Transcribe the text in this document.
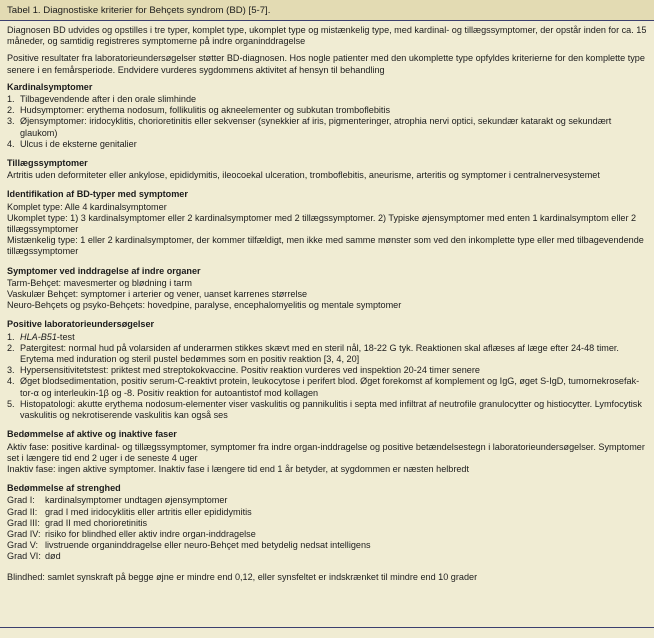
Tabel 1. Diagnostiske kriterier for Behçets syndrom (BD) [5-7].

Diagnosen BD udvides og opstilles i tre typer, komplet type, ukomplet type og mistænkelig type, med kardinal- og tillægssymptomer, der opstår inden for ca. 15 måneder, og samtidig registreres symptomerne på indre organinddragelse

Positive resultater fra laboratorieundersøgelser støtter BD-diagnosen. Hos nogle patienter med den ukomplette type opfyldes kriterierne for den komplette type senere i en femårsperiode. Endvidere vurderes sygdommens aktivitet af hensyn til behandling

Kardinalsymptomer

1. Tilbagevendende after i den orale slimhinde
2. Hudsymptomer: erythema nodosum, follikulitis og akneelementer og subkutan tromboflebitis
3. Øjensymptomer: iridocyklitis, chorioretinitis eller sekvenser (synekkier af iris, pigmenteringer, atrophia nervi optici, sekundær katarakt og sekundært glaukom)
4. Ulcus i de eksterne genitalier

Tillægssymptomer

Artritis uden deformiteter eller ankylose, epididymitis, ileocoekal ulceration, tromboflebitis, aneurisme, arteritis og symptomer i centralnervesystemet

Identifikation af BD-typer med symptomer

Komplet type: Alle 4 kardinalsymptomer

Ukomplet type: 1) 3 kardinalsymptomer eller 2 kardinalsymptomer med 2 tillægssymptomer. 2) Typiske øjensymptomer med enten 1 kardinalsymptom eller 2 tillægssymptomer

Mistænkelig type: 1 eller 2 kardinalsymptomer, der kommer tilfældigt, men ikke med samme mønster som ved den inkomplette type eller med tilbagevendende tillægssymptomer

Symptomer ved inddragelse af indre organer

Tarm-Behçet: mavesmerter og blødning i tarm

Vaskulær Behçet: symptomer i arterier og vener, uanset karrenes størrelse

Neuro-Behçets og psyko-Behçets: hovedpine, paralyse, encephalomyelitis og mentale symptomer

Positive laboratorieundersøgelser

1. HLA-B51-test
2. Patergitest: normal hud på volarsiden af underarmen stikkes skævt med en steril nål, 18-22 G tyk. Reaktionen skal aflæses af læge efter 24-48 timer. Erytema med induration og steril pustel bedømmes som en positiv reaktion [3, 4, 20]
3. Hypersensitivitetstest: priktest med streptokokvaccine. Positiv reaktion vurderes ved inspektion 20-24 timer senere
4. Øget blodsedimentation, positiv serum-C-reaktivt protein, leukocytose i perifert blod. Øget forekomst af komplement og IgG, øget S-IgD, tumornekrosefak-tor-α og interleukin-1β og -8. Positiv reaktion for autoantistof mod kollagen
5. Histopatologi: akutte erythema nodosum-elementer viser vaskulitis og pannikulitis i septa med infiltrat af neutrofile granulocytter og histiocytter. Lymfocytisk vaskulitis og nekrotiserende vaskulitis kan også ses

Bedømmelse af aktive og inaktive faser

Aktiv fase: positive kardinal- og tillægssymptomer, symptomer fra indre organ-inddragelse og positive betændelsestegn i laboratorieundersøgelser. Symptomer set i længere tid end 2 uger i de seneste 4 uger

Inaktiv fase: ingen aktive symptomer. Inaktiv fase i længere tid end 1 år betyder, at sygdommen er næsten helbredt

Bedømmelse af strenghed

Grad I:	kardinalsymptomer undtagen øjensymptomer
Grad II: grad I med iridocyklitis eller artritis eller epididymitis
Grad III: grad II med chorioretinitis
Grad IV: risiko for blindhed eller aktiv indre organ-inddragelse
Grad V: livstruende organinddragelse eller neuro-Behçet med betydelig nedsat intelligens
Grad VI: død

Blindhed: samlet synskraft på begge øjne er mindre end 0,12, eller synsfeltet er indskrænket til mindre end 10 grader
